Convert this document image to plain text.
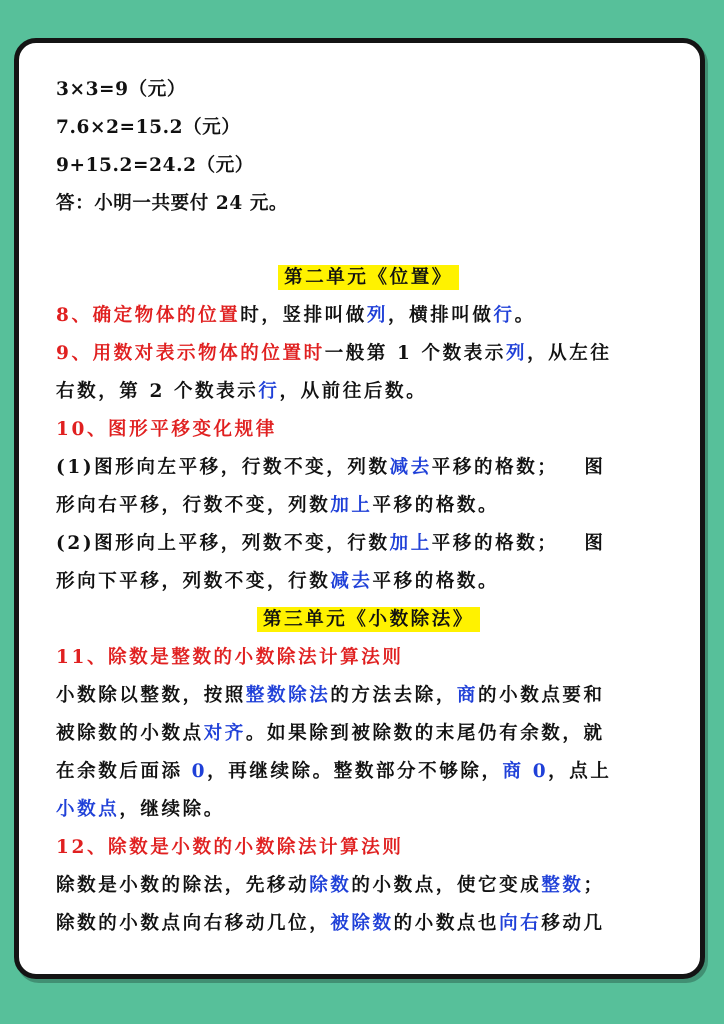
3×3=9（元）
7.6×2=15.2（元）
9+15.2=24.2（元）
答：小明一共要付 24 元。
第二单元《位置》
8、确定物体的位置时，竖排叫做列，横排叫做行。
9、用数对表示物体的位置时一般第 1 个数表示列，从左往
右数，第 2 个数表示行，从前往后数。
10、图形平移变化规律
(1)图形向左平移，行数不变，列数减去平移的格数； 图
形向右平移，行数不变，列数加上平移的格数。
(2)图形向上平移，列数不变，行数加上平移的格数； 图
形向下平移，列数不变，行数减去平移的格数。
第三单元《小数除法》
11、除数是整数的小数除法计算法则
小数除以整数，按照整数除法的方法去除，商的小数点要和
被除数的小数点对齐。如果除到被除数的末尾仍有余数，就
在余数后面添 0，再继续除。整数部分不够除，商 0，点上
小数点，继续除。
12、除数是小数的小数除法计算法则
除数是小数的除法，先移动除数的小数点，使它变成整数；
除数的小数点向右移动几位，被除数的小数点也向右移动几
